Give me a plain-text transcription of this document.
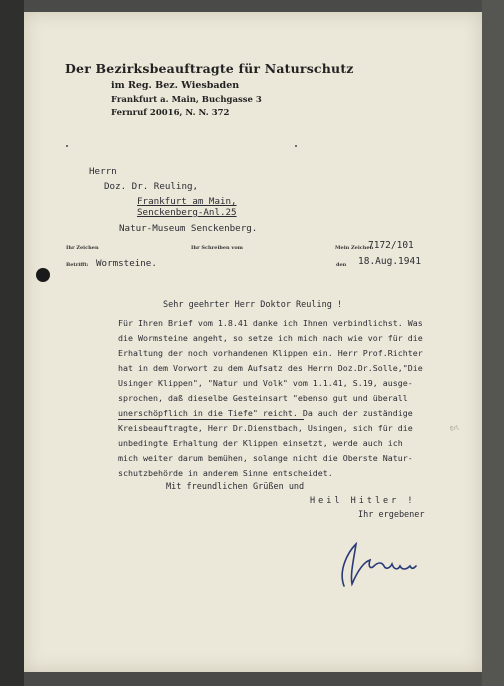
Der Bezirksbeauftragte für Naturschutz
im Reg. Bez. Wiesbaden
Frankfurt a. Main, Buchgasse 3
Fernruf 20016, N. N. 372
Herrn
Doz. Dr. Reuling,
Frankfurt am Main,
Senckenberg-Anl.25
Natur-Museum Senckenberg.
Ihr Zeichen	Ihr Schreiben vom	Mein Zeichen
7172/101
Betrifft: Wormsteine.	den 18.Aug.1941
Sehr geehrter Herr Doktor Reuling !
Für Ihren Brief vom 1.8.41 danke ich Ihnen verbindlichst. Was
die Wormsteine angeht, so setze ich mich nach wie vor für die
Erhaltung der noch vorhandenen Klippen ein. Herr Prof.Richter
hat in dem Vorwort zu dem Aufsatz des Herrn Doz.Dr.Solle,"Die
Usinger Klippen", "Natur und Volk" vom 1.1.41, S.19, ausge-
sprochen, daß dieselbe Gesteinsart "ebenso gut und überall
unerschöpflich in die Tiefe" reicht. Da auch der zuständige
Kreisbeauftragte, Herr Dr.Dienstbach, Usingen, sich für die
unbedingte Erhaltung der Klippen einsetzt, werde auch ich
mich weiter darum bemühen, solange nicht die Oberste Natur-
schutzbehörde in anderem Sinne entscheidet.
Erl.
Mit freundlichen Grüßen und
Heil Hitler !
Ihr ergebener
